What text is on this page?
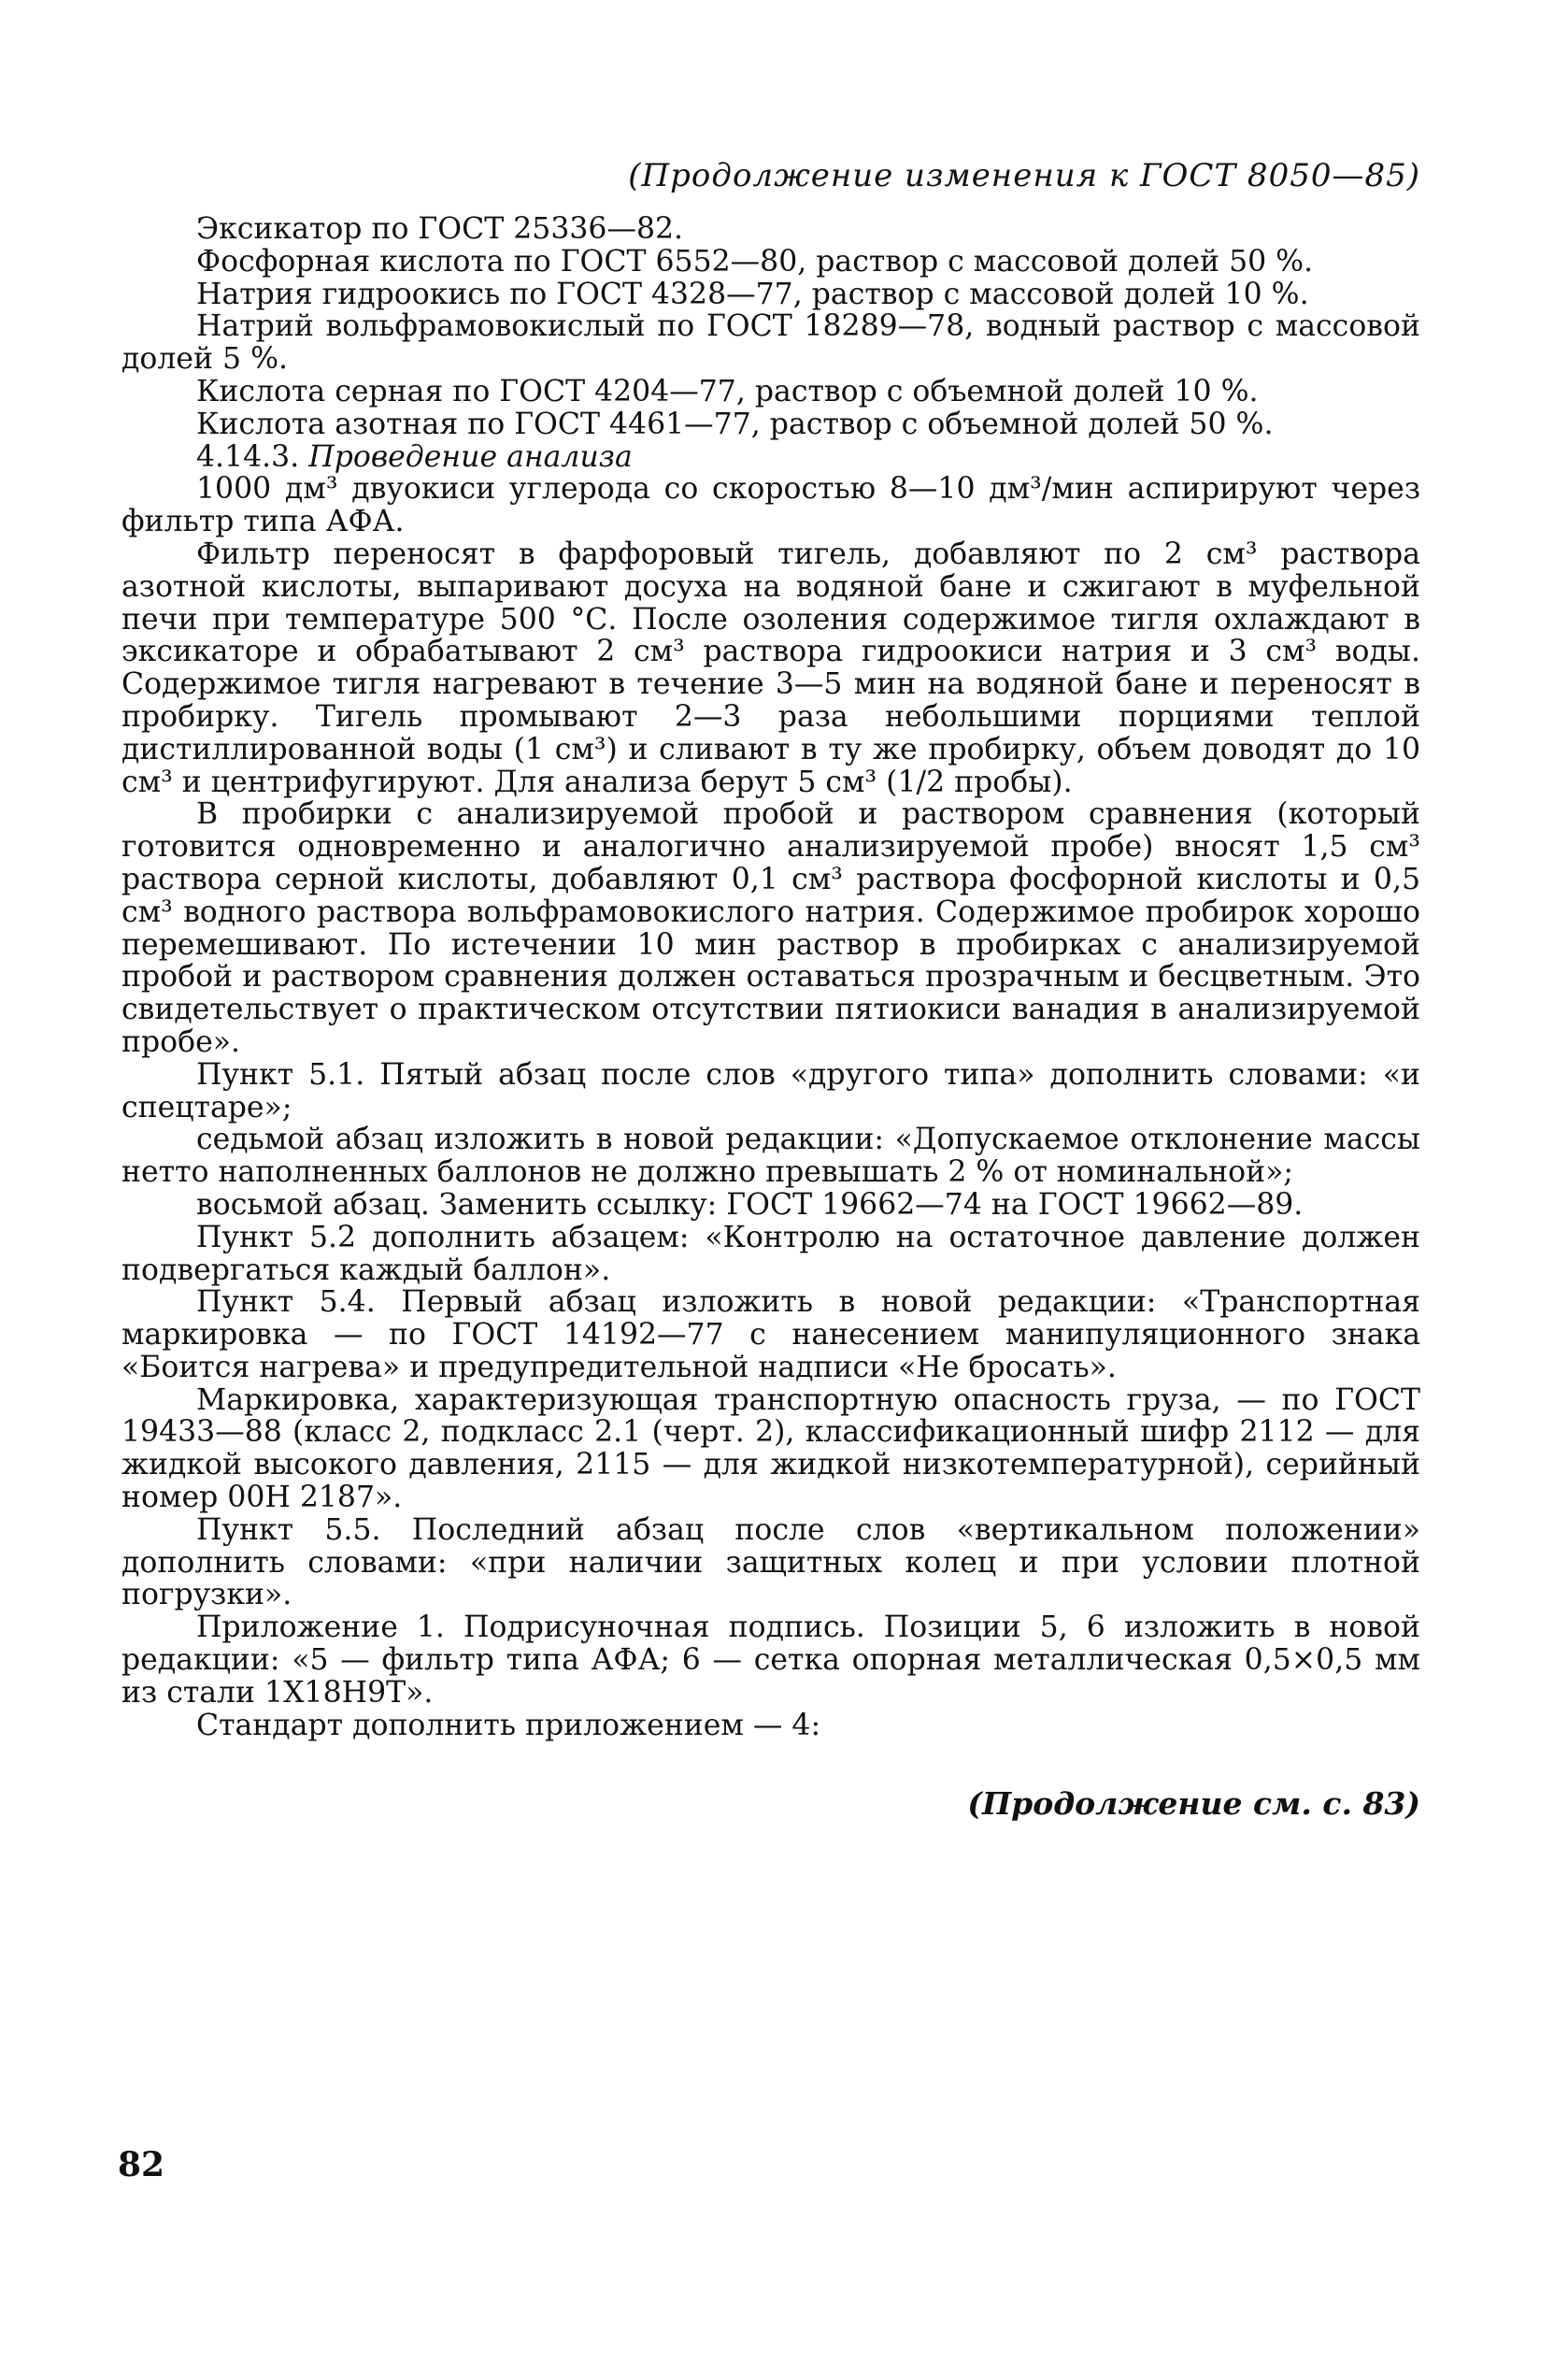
(Продолжение изменения к ГОСТ 8050—85)

Эксикатор по ГОСТ 25336—82.

Фосфорная кислота по ГОСТ 6552—80, раствор с массовой долей 50 %.

Натрия гидроокись по ГОСТ 4328—77, раствор с массовой долей 10 %.

Натрий вольфрамовокислый по ГОСТ 18289—78, водный раствор с массовой долей 5 %.

Кислота серная по ГОСТ 4204—77, раствор с объемной долей 10 %.

Кислота азотная по ГОСТ 4461—77, раствор с объемной долей 50 %.

4.14.3. Проведение анализа

1000 дм³ двуокиси углерода со скоростью 8—10 дм³/мин аспирируют через фильтр типа АФА.

Фильтр переносят в фарфоровый тигель, добавляют по 2 см³ раствора азотной кислоты, выпаривают досуха на водяной бане и сжигают в муфельной печи при температуре 500 °С. После озоления содержимое тигля охлаждают в эксикаторе и обрабатывают 2 см³ раствора гидроокиси натрия и 3 см³ воды. Содержимое тигля нагревают в течение 3—5 мин на водяной бане и переносят в пробирку. Тигель промывают 2—3 раза небольшими порциями теплой дистиллированной воды (1 см³) и сливают в ту же пробирку, объем доводят до 10 см³ и центрифугируют. Для анализа берут 5 см³ (1/2 пробы).

В пробирки с анализируемой пробой и раствором сравнения (который готовится одновременно и аналогично анализируемой пробе) вносят 1,5 см³ раствора серной кислоты, добавляют 0,1 см³ раствора фосфорной кислоты и 0,5 см³ водного раствора вольфрамовокислого натрия. Содержимое пробирок хорошо перемешивают. По истечении 10 мин раствор в пробирках с анализируемой пробой и раствором сравнения должен оставаться прозрачным и бесцветным. Это свидетельствует о практическом отсутствии пятиокиси ванадия в анализируемой пробе».

Пункт 5.1. Пятый абзац после слов «другого типа» дополнить словами: «и спецтаре»;

седьмой абзац изложить в новой редакции: «Допускаемое отклонение массы нетто наполненных баллонов не должно превышать 2 % от номинальной»;

восьмой абзац. Заменить ссылку: ГОСТ 19662—74 на ГОСТ 19662—89.

Пункт 5.2 дополнить абзацем: «Контролю на остаточное давление должен подвергаться каждый баллон».

Пункт 5.4. Первый абзац изложить в новой редакции: «Транспортная маркировка — по ГОСТ 14192—77 с нанесением манипуляционного знака «Боится нагрева» и предупредительной надписи «Не бросать».

Маркировка, характеризующая транспортную опасность груза, — по ГОСТ 19433—88 (класс 2, подкласс 2.1 (черт. 2), классификационный шифр 2112 — для жидкой высокого давления, 2115 — для жидкой низкотемпературной), серийный номер 00Н 2187».

Пункт 5.5. Последний абзац после слов «вертикальном положении» дополнить словами: «при наличии защитных колец и при условии плотной погрузки».

Приложение 1. Подрисуночная подпись. Позиции 5, 6 изложить в новой редакции: «5 — фильтр типа АФА; 6 — сетка опорная металлическая 0,5×0,5 мм из стали 1Х18Н9Т».

Стандарт дополнить приложением — 4:

(Продолжение см. с. 83)
82
